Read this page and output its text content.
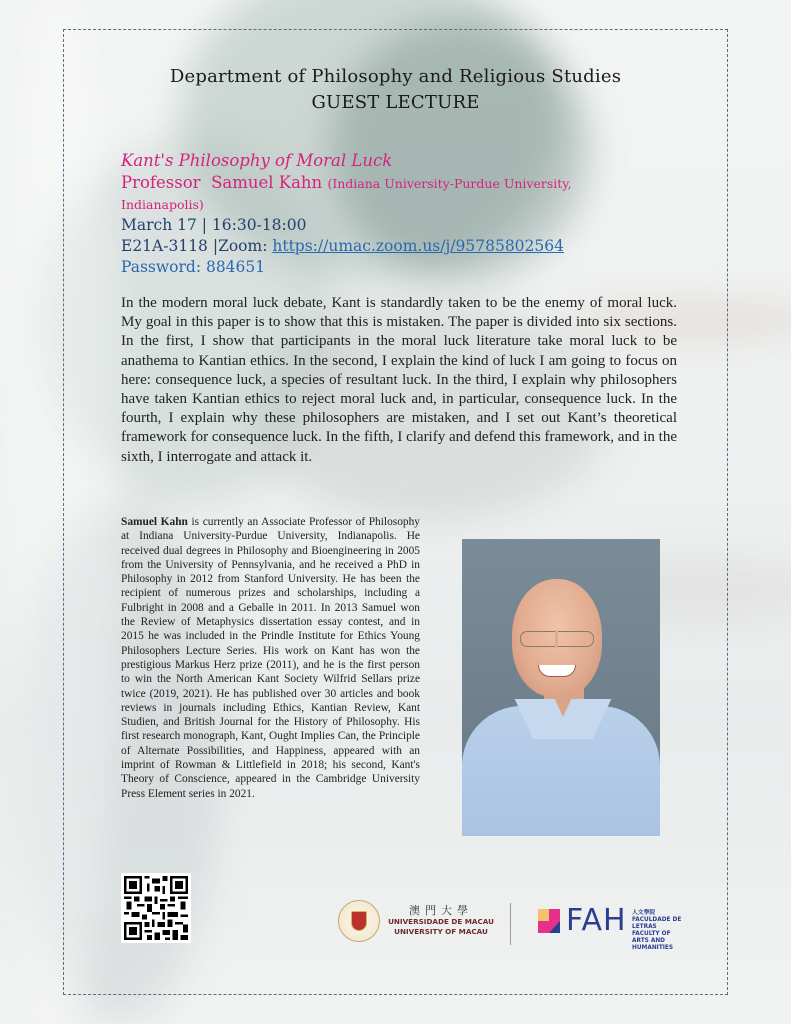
Department of Philosophy and Religious Studies
GUEST LECTURE
Kant's Philosophy of Moral Luck
Professor Samuel Kahn (Indiana University-Purdue University,
Indianapolis)
March 17 | 16:30-18:00
E21A-3118 |Zoom: https://umac.zoom.us/j/95785802564
Password: 884651
In the modern moral luck debate, Kant is standardly taken to be the enemy of moral luck. My goal in this paper is to show that this is mistaken. The paper is divided into six sections. In the first, I show that participants in the moral luck literature take moral luck to be anathema to Kantian ethics. In the second, I explain the kind of luck I am going to focus on here: consequence luck, a species of resultant luck. In the third, I explain why philosophers have taken Kantian ethics to reject moral luck and, in particular, consequence luck. In the fourth, I explain why these philosophers are mistaken, and I set out Kant’s theoretical framework for consequence luck. In the fifth, I clarify and defend this framework, and in the sixth, I interrogate and attack it.
Samuel Kahn is currently an Associate Professor of Philosophy at Indiana University-Purdue University, Indianapolis. He received dual degrees in Philosophy and Bioengineering in 2005 from the University of Pennsylvania, and he received a PhD in Philosophy in 2012 from Stanford University. He has been the recipient of numerous prizes and scholarships, including a Fulbright in 2008 and a Geballe in 2011. In 2013 Samuel won the Review of Metaphysics dissertation essay contest, and in 2015 he was included in the Prindle Institute for Ethics Young Philosophers Lecture Series. His work on Kant has won the prestigious Markus Herz prize (2011), and he is the first person to win the North American Kant Society Wilfrid Sellars prize twice (2019, 2021). He has published over 30 articles and book reviews in journals including Ethics, Kantian Review, Kant Studien, and British Journal for the History of Philosophy. His first research monograph, Kant, Ought Implies Can, the Principle of Alternate Possibilities, and Happiness, appeared with an imprint of Rowman & Littlefield in 2018; his second, Kant's Theory of Conscience, appeared in the Cambridge University Press Element series in 2021.
澳門大學
UNIVERSIDADE DE MACAU
UNIVERSITY OF MACAU	FAH 人文學院
FACULDADE DE LETRAS
FACULTY OF
ARTS AND HUMANITIES
